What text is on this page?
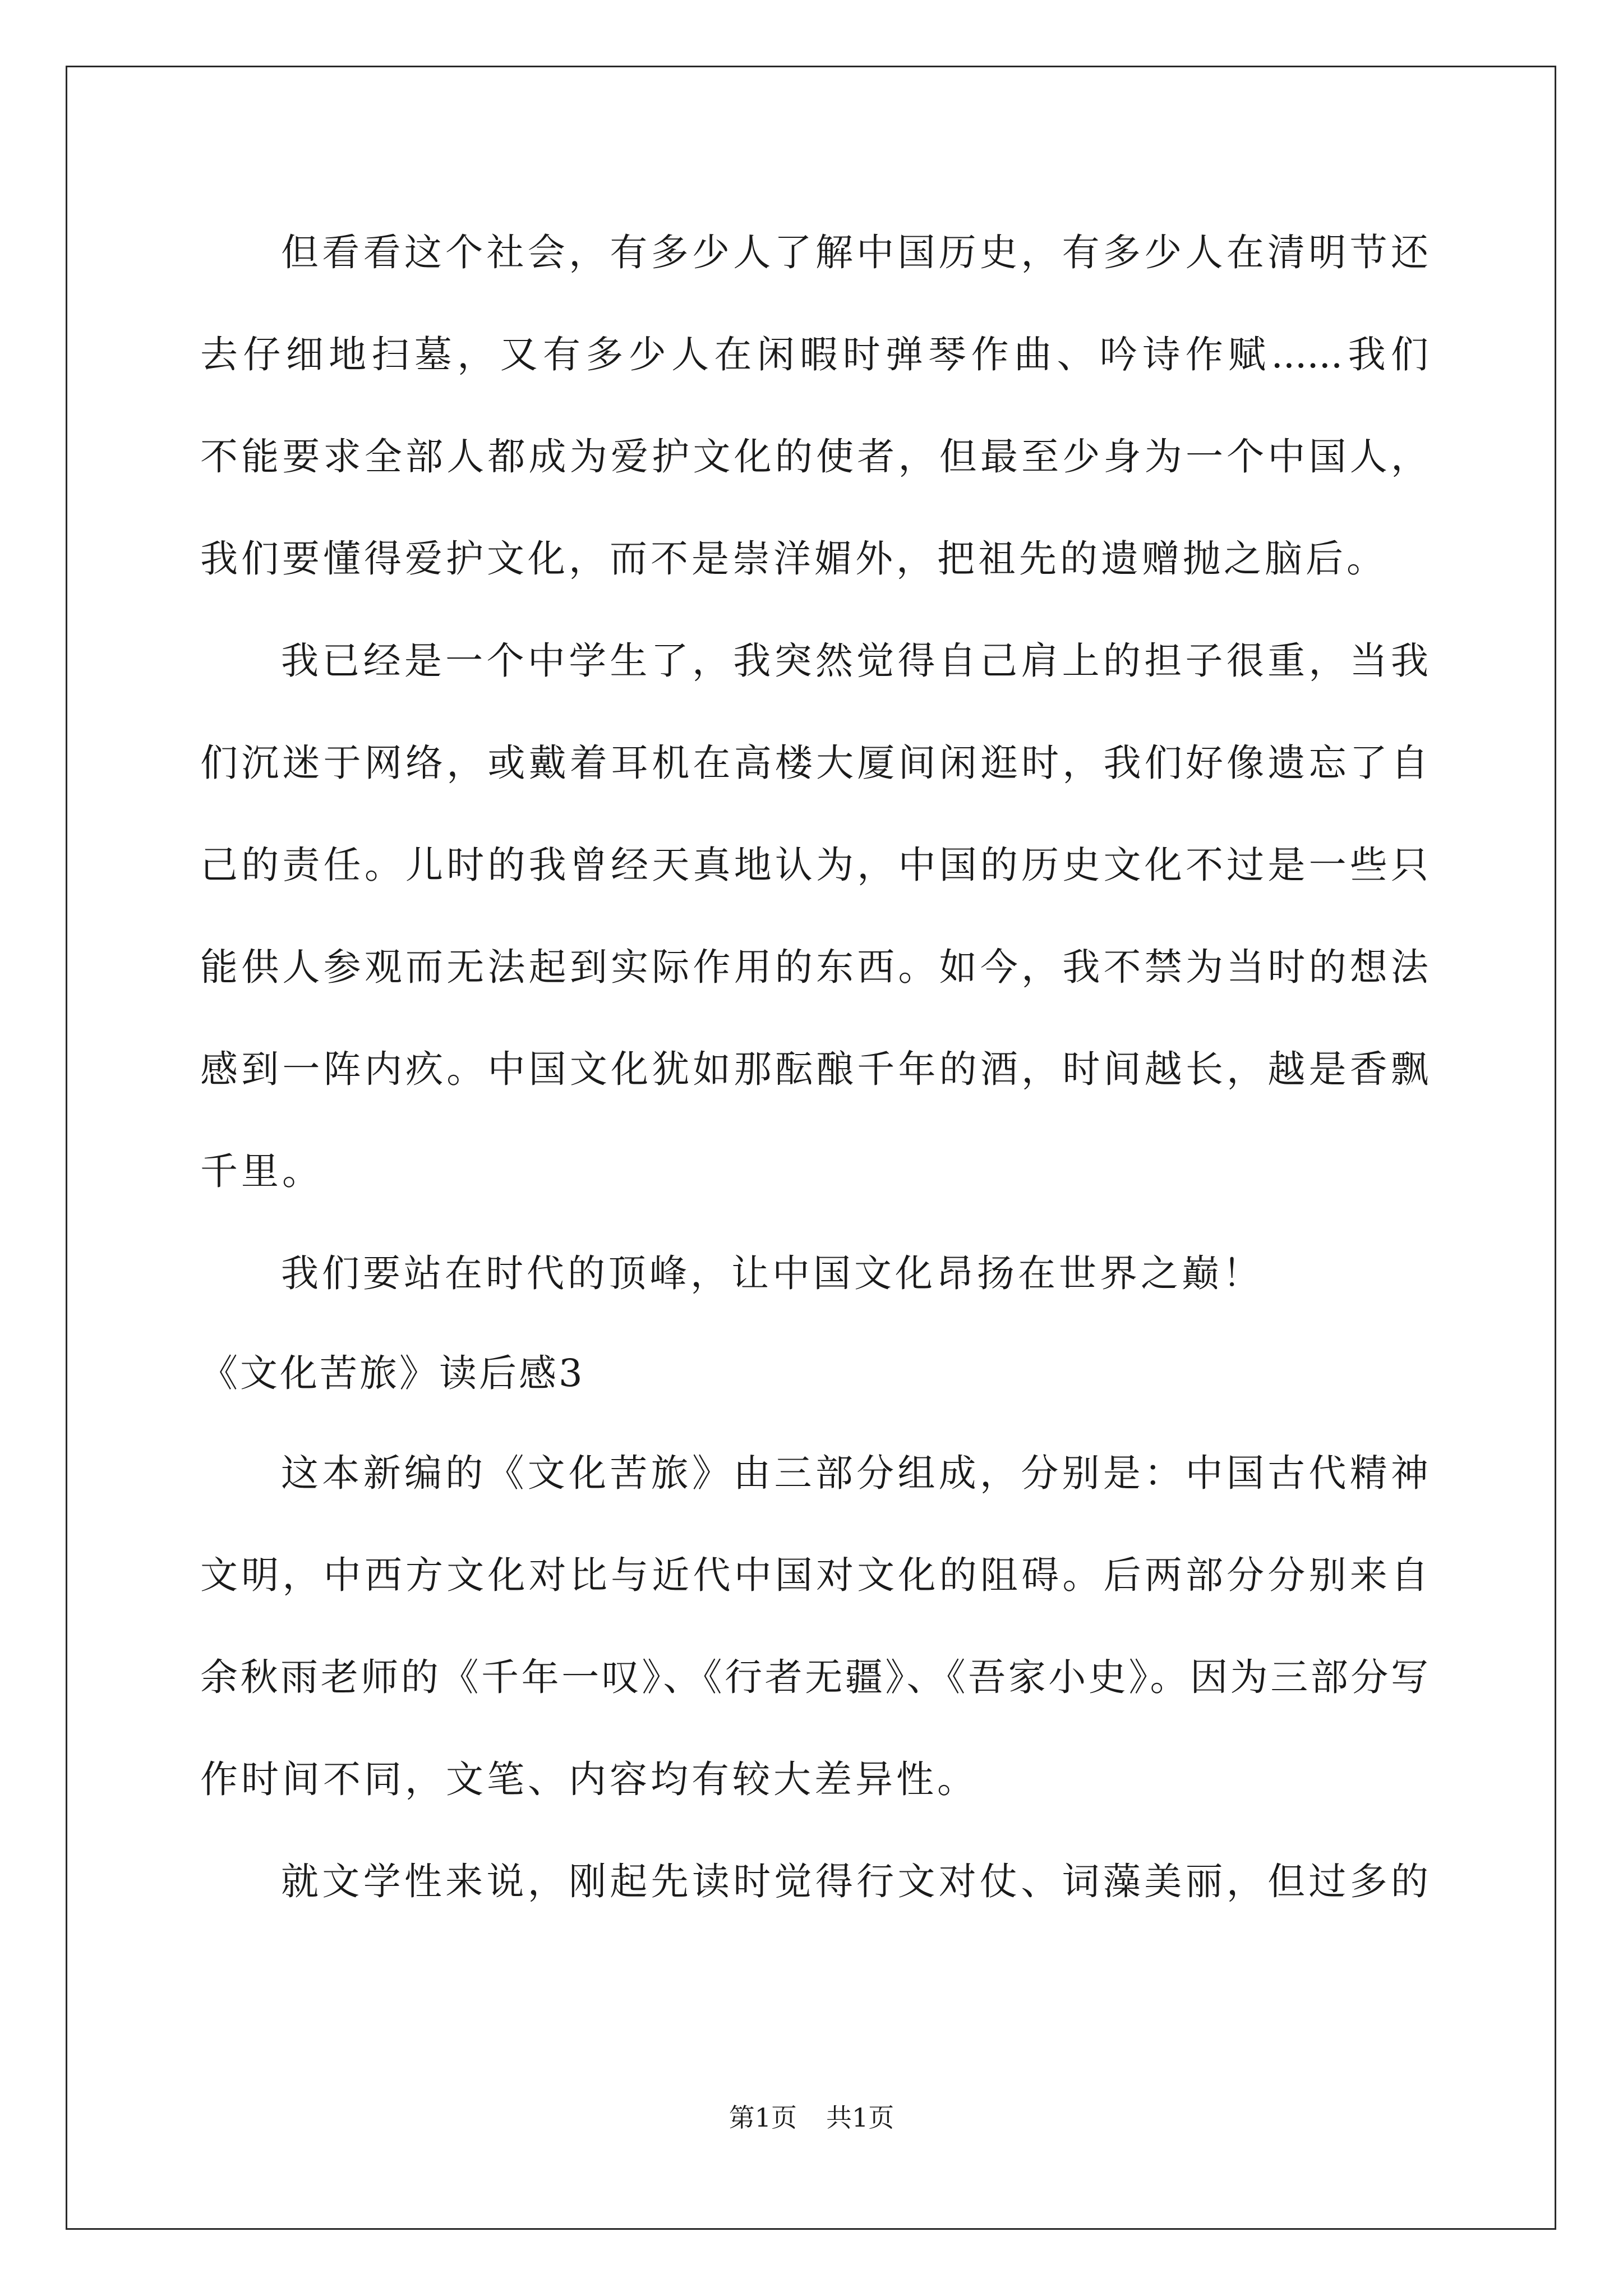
但看看这个社会，有多少人了解中国历史，有多少人在清明节还
去仔细地扫墓，又有多少人在闲暇时弹琴作曲、吟诗作赋......我们
不能要求全部人都成为爱护文化的使者，但最至少身为一个中国人，
我们要懂得爱护文化，而不是崇洋媚外，把祖先的遗赠抛之脑后。
我已经是一个中学生了，我突然觉得自己肩上的担子很重，当我
们沉迷于网络，或戴着耳机在高楼大厦间闲逛时，我们好像遗忘了自
己的责任。儿时的我曾经天真地认为，中国的历史文化不过是一些只
能供人参观而无法起到实际作用的东西。如今，我不禁为当时的想法
感到一阵内疚。中国文化犹如那酝酿千年的酒，时间越长，越是香飘
千里。
我们要站在时代的顶峰，让中国文化昂扬在世界之巅！
《文化苦旅》读后感3
这本新编的《文化苦旅》由三部分组成，分别是：中国古代精神
文明，中西方文化对比与近代中国对文化的阻碍。后两部分分别来自
余秋雨老师的《千年一叹》、《行者无疆》、《吾家小史》。因为三部分写
作时间不同，文笔、内容均有较大差异性。
就文学性来说，刚起先读时觉得行文对仗、词藻美丽，但过多的
第1页 共1页
